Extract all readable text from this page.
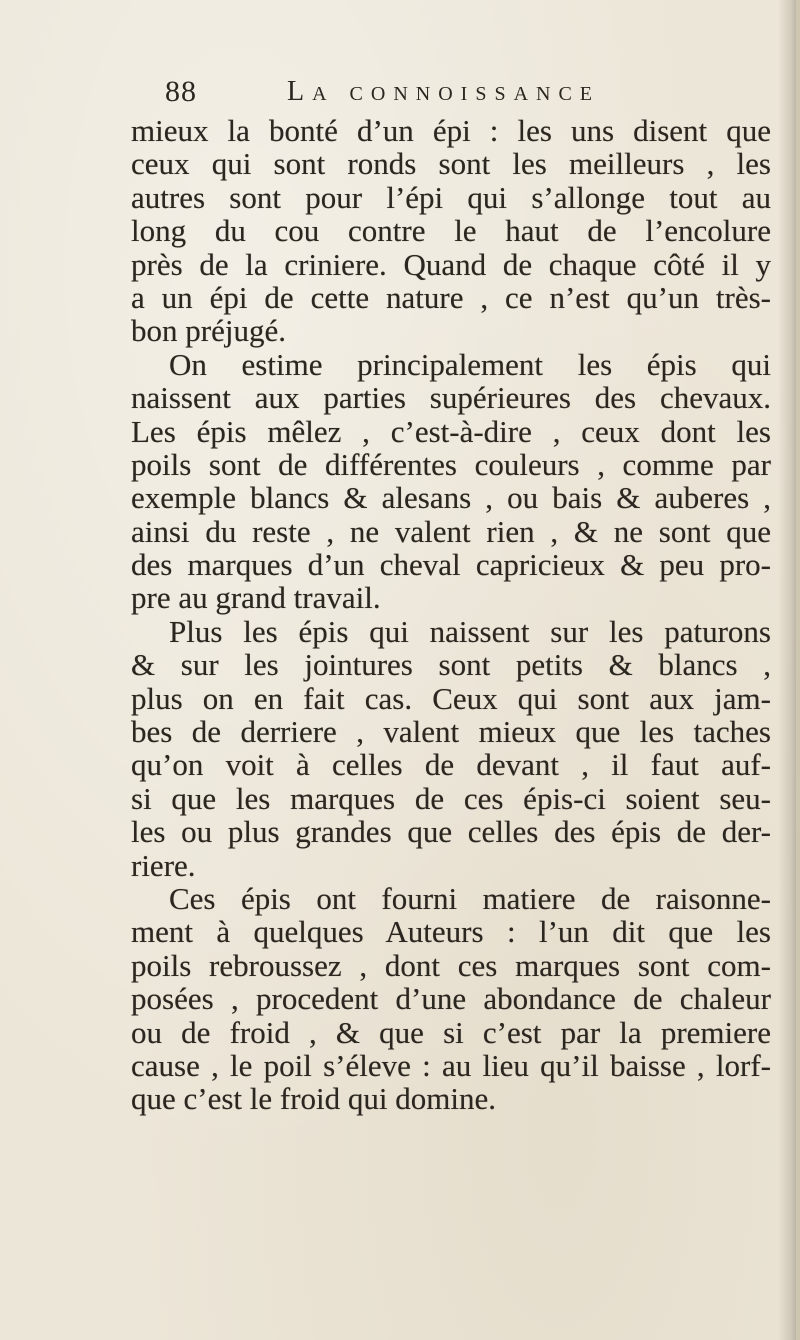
88	La connoissance
mieux la bonté d’un épi : les uns disent que
ceux qui sont ronds sont les meilleurs , les
autres sont pour l’épi qui s’allonge tout au
long du cou contre le haut de l’encolure
près de la criniere. Quand de chaque côté il y
a un épi de cette nature , ce n’est qu’un très-
bon préjugé.
On estime principalement les épis qui
naissent aux parties supérieures des chevaux.
Les épis mêlez , c’est-à-dire , ceux dont les
poils sont de différentes couleurs , comme par
exemple blancs & alesans , ou bais & auberes ,
ainsi du reste , ne valent rien , & ne sont que
des marques d’un cheval capricieux & peu pro-
pre au grand travail.
Plus les épis qui naissent sur les paturons
& sur les jointures sont petits & blancs ,
plus on en fait cas. Ceux qui sont aux jam-
bes de derriere , valent mieux que les taches
qu’on voit à celles de devant , il faut auf-
si que les marques de ces épis-ci soient seu-
les ou plus grandes que celles des épis de der-
riere.
Ces épis ont fourni matiere de raisonne-
ment à quelques Auteurs : l’un dit que les
poils rebroussez , dont ces marques sont com-
posées , procedent d’une abondance de chaleur
ou de froid , & que si c’est par la premiere
cause , le poil s’éleve : au lieu qu’il baisse , lorf-
que c’est le froid qui domine.
